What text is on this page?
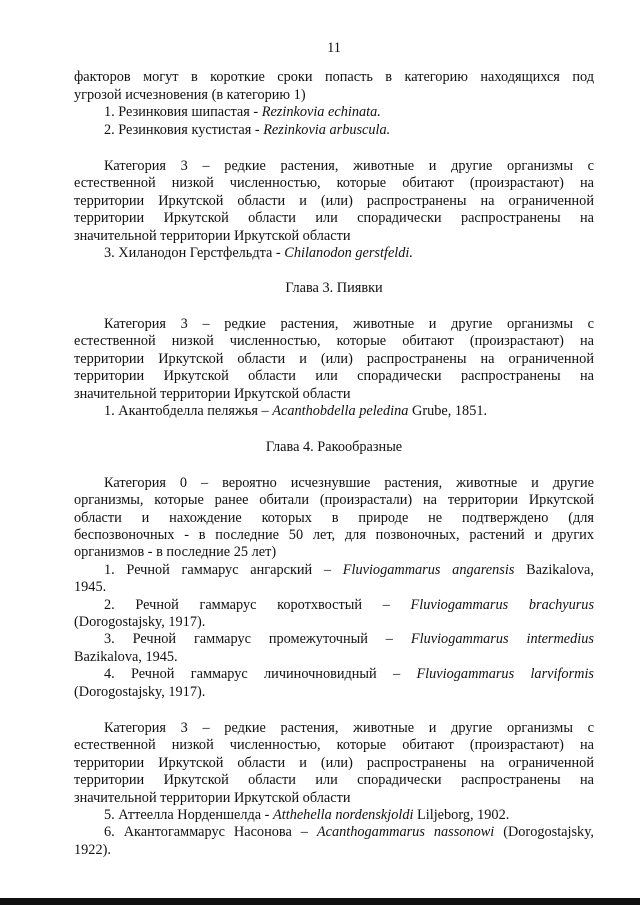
11

факторов могут в короткие сроки попасть в категорию находящихся под

угрозой исчезновения (в категорию 1)

1. Резинковия шипастая - Rezinkovia echinata.

2. Резинковия кустистая - Rezinkovia arbuscula.

Категория 3 – редкие растения, животные и другие организмы с

естественной низкой численностью, которые обитают (произрастают) на

территории Иркутской области и (или) распространены на ограниченной

территории Иркутской области или спорадически распространены на

значительной территории Иркутской области

3. Хиланодон Герстфельдта - Chilanodon gerstfeldi.

Глава 3. Пиявки

Категория 3 – редкие растения, животные и другие организмы с

естественной низкой численностью, которые обитают (произрастают) на

территории Иркутской области и (или) распространены на ограниченной

территории Иркутской области или спорадически распространены на

значительной территории Иркутской области

1. Акантобделла пеляжья – Acanthobdella peledina Grube, 1851.

Глава 4. Ракообразные

Категория 0 – вероятно исчезнувшие растения, животные и другие

организмы, которые ранее обитали (произрастали) на территории Иркутской

области и нахождение которых в природе не подтверждено (для

беспозвоночных - в последние 50 лет, для позвоночных, растений и других

организмов - в последние 25 лет)

1. Речной гаммарус ангарский – Fluviogammarus angarensis Bazikalova,

1945.

2. Речной гаммарус коротхвостый – Fluviogammarus brachyurus

(Dorogostajsky, 1917).

3. Речной гаммарус промежуточный – Fluviogammarus intermedius

Bazikalova, 1945.

4. Речной гаммарус личиночновидный – Fluviogammarus larviformis

(Dorogostajsky, 1917).

Категория 3 – редкие растения, животные и другие организмы с

естественной низкой численностью, которые обитают (произрастают) на

территории Иркутской области и (или) распространены на ограниченной

территории Иркутской области или спорадически распространены на

значительной территории Иркутской области

5. Аттеелла Норденшелда - Atthehella nordenskjoldi Liljeborg, 1902.

6. Акантогаммарус Насонова – Acanthogammarus nassonowi (Dorogostajsky,

1922).
